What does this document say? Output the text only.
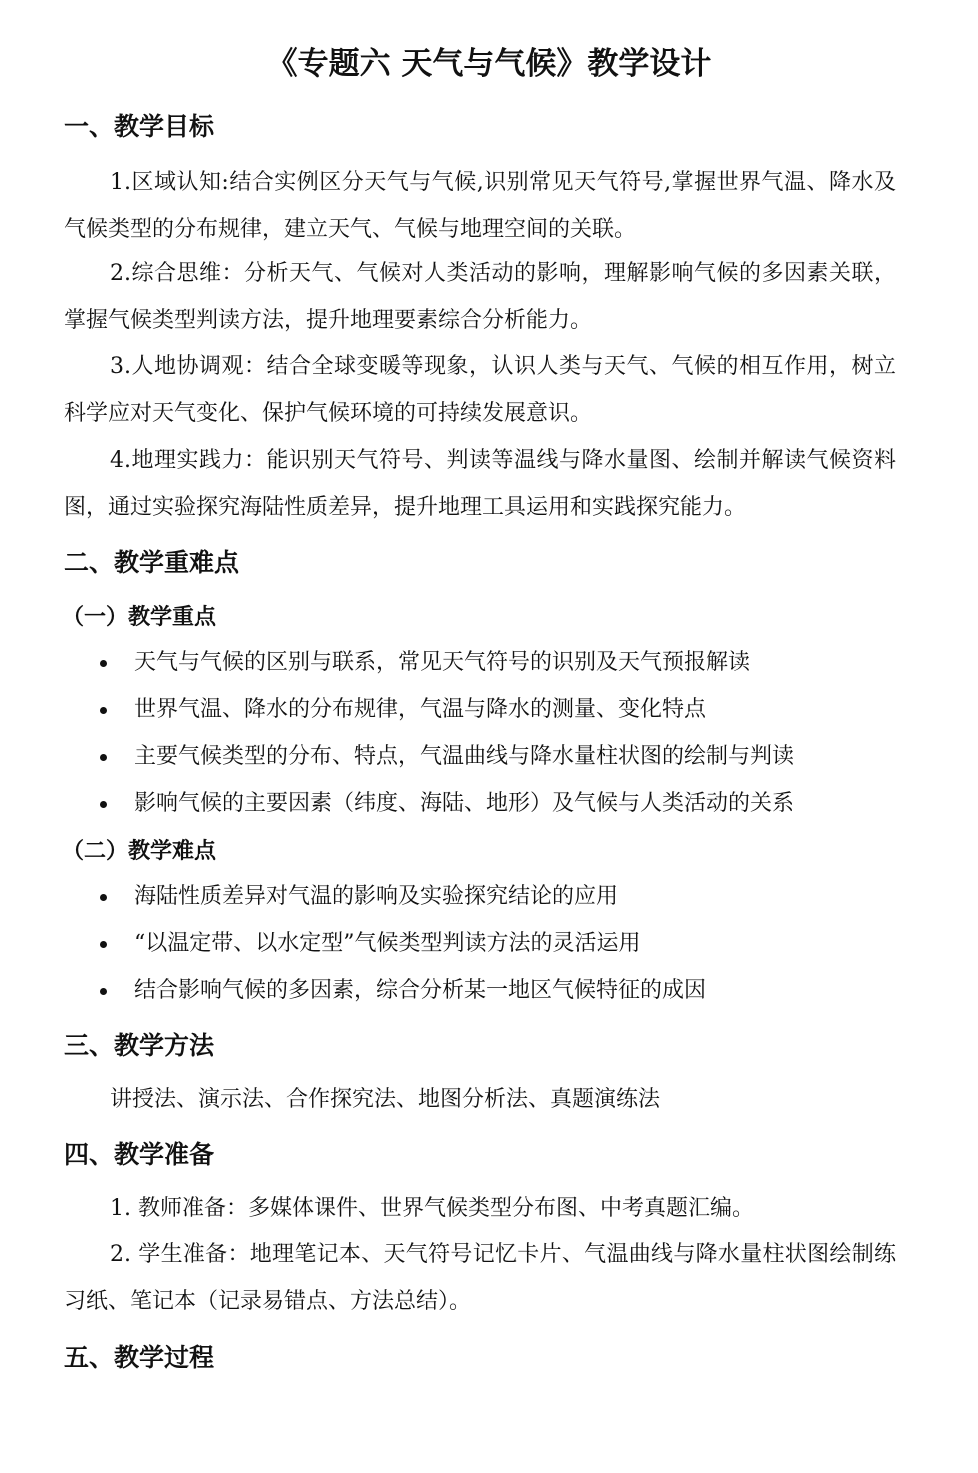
《专题六 天气与气候》教学设计
一、教学目标
1.区域认知:结合实例区分天气与气候,识别常见天气符号,掌握世界气温、降水及气候类型的分布规律，建立天气、气候与地理空间的关联。
2.综合思维：分析天气、气候对人类活动的影响，理解影响气候的多因素关联，掌握气候类型判读方法，提升地理要素综合分析能力。
3.人地协调观：结合全球变暖等现象，认识人类与天气、气候的相互作用，树立科学应对天气变化、保护气候环境的可持续发展意识。
4.地理实践力：能识别天气符号、判读等温线与降水量图、绘制并解读气候资料图，通过实验探究海陆性质差异，提升地理工具运用和实践探究能力。
二、教学重难点
（一）教学重点
天气与气候的区别与联系，常见天气符号的识别及天气预报解读
世界气温、降水的分布规律，气温与降水的测量、变化特点
主要气候类型的分布、特点，气温曲线与降水量柱状图的绘制与判读
影响气候的主要因素（纬度、海陆、地形）及气候与人类活动的关系
（二）教学难点
海陆性质差异对气温的影响及实验探究结论的应用
“以温定带、以水定型”气候类型判读方法的灵活运用
结合影响气候的多因素，综合分析某一地区气候特征的成因
三、教学方法
讲授法、演示法、合作探究法、地图分析法、真题演练法
四、教学准备
1. 教师准备：多媒体课件、世界气候类型分布图、中考真题汇编。
2. 学生准备：地理笔记本、天气符号记忆卡片、气温曲线与降水量柱状图绘制练习纸、笔记本（记录易错点、方法总结）。
五、教学过程
